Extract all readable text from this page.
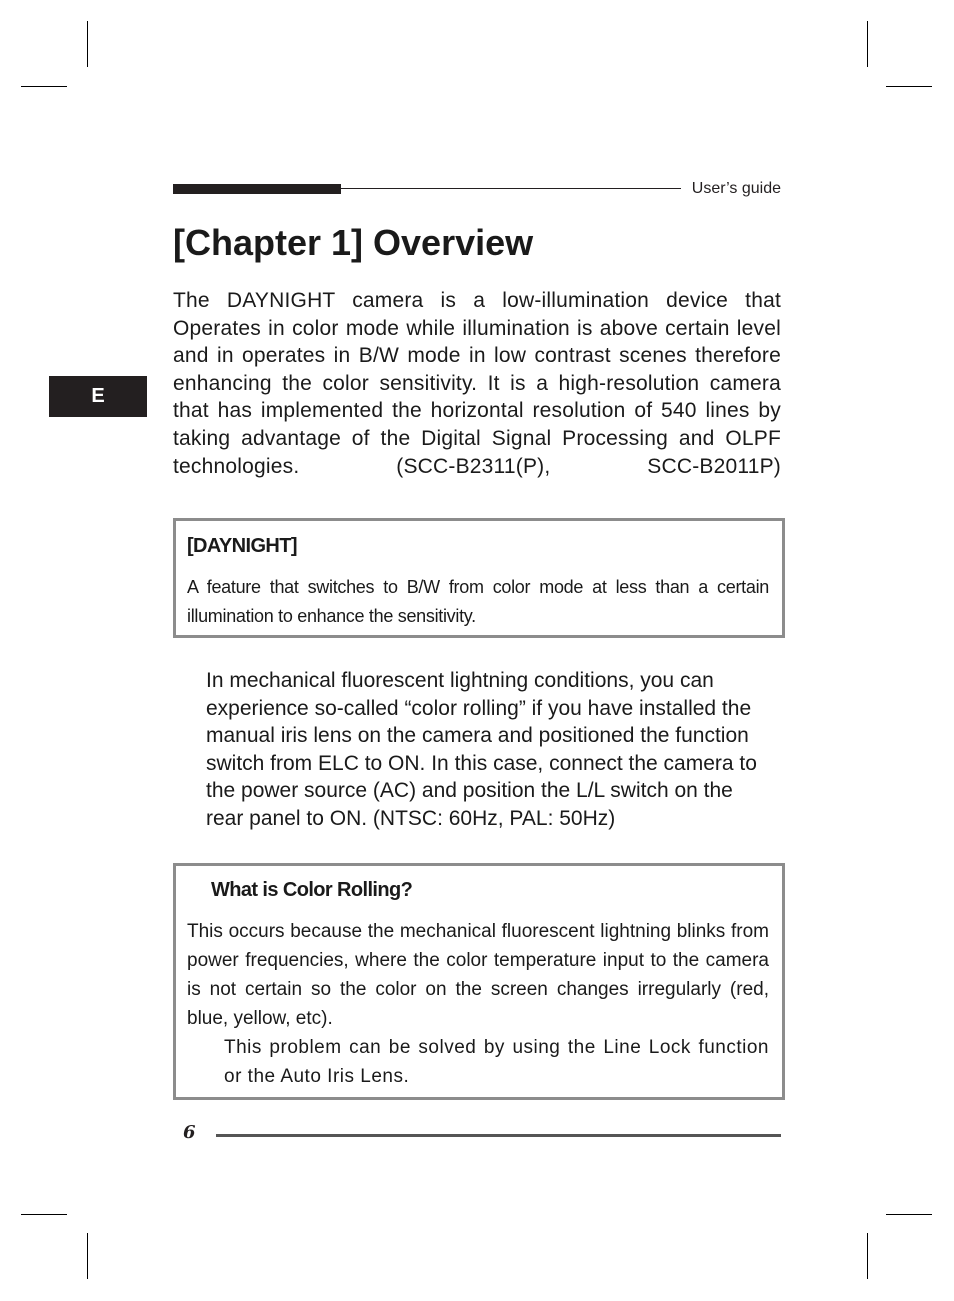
User’s guide
[Chapter 1] Overview

The DAYNIGHT camera is a low-illumination device that Operates in color mode while illumination is above certain level and in operates in B/W mode in low contrast scenes therefore enhancing the color sensitivity. It is a high-resolution camera that has implemented the horizontal resolution of 540 lines by taking advantage of the Digital Signal Processing and OLPF technologies. (SCC-B2311(P), SCC-B2011P)

E

[DAYNIGHT]

A feature that switches to B/W from color mode at less than a certain illumination to enhance the sensitivity.

In mechanical fluorescent lightning conditions, you can experience so-called “color rolling” if you have installed the manual iris lens on the camera and positioned the function switch from ELC to ON. In this case, connect the camera to the power source (AC) and position the L/L switch on the rear panel to ON. (NTSC: 60Hz, PAL: 50Hz)

What is Color Rolling?

This occurs because the mechanical fluorescent lightning blinks from power frequencies, where the color temperature input to the camera is not certain so the color on the screen changes irregularly (red, blue, yellow, etc).

This problem can be solved by using the Line Lock function or the Auto Iris Lens.

6
